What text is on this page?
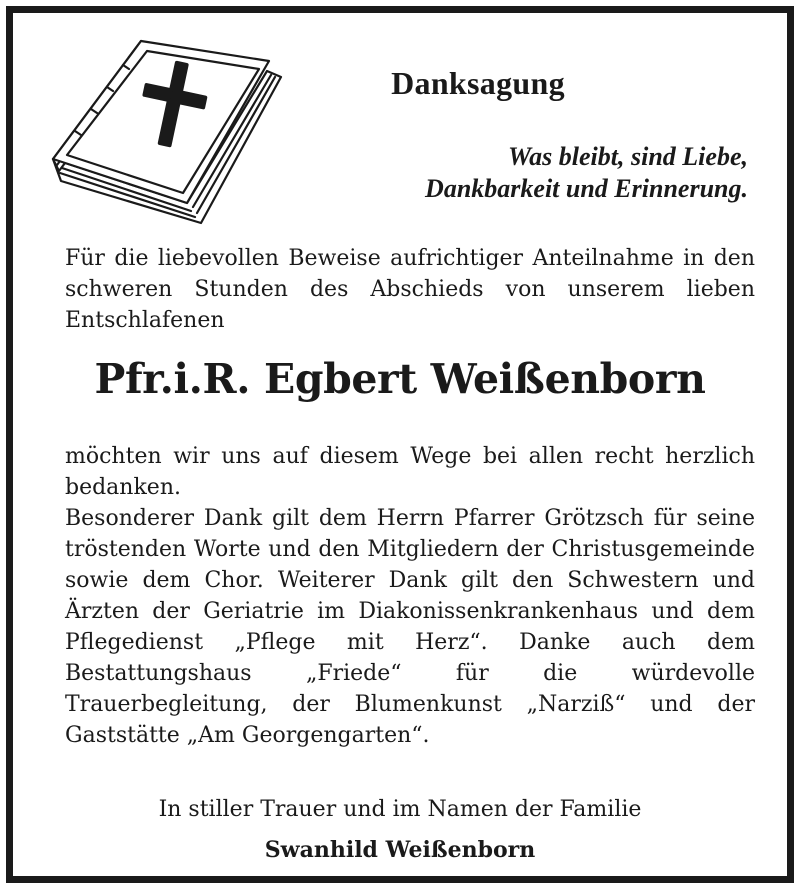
Danksagung
Was bleibt, sind Liebe,
Dankbarkeit und Erinnerung.
Für die liebevollen Beweise aufrichtiger Anteilnahme in den schweren Stunden des Abschieds von unserem lieben Entschlafenen
Pfr.i.R. Egbert Weißenborn

möchten wir uns auf diesem Wege bei allen recht herzlich bedanken.

Besonderer Dank gilt dem Herrn Pfarrer Grötzsch für seine tröstenden Worte und den Mitgliedern der Christusgemeinde sowie dem Chor. Weiterer Dank gilt den Schwestern und Ärzten der Geriatrie im Diakonissenkrankenhaus und dem Pflegedienst „Pflege mit Herz“. Danke auch dem Bestattungshaus „Friede“ für die würdevolle Trauerbegleitung, der Blumenkunst „Narziß“ und der Gaststätte „Am Georgengarten“.

In stiller Trauer und im Namen der Familie
Swanhild Weißenborn
